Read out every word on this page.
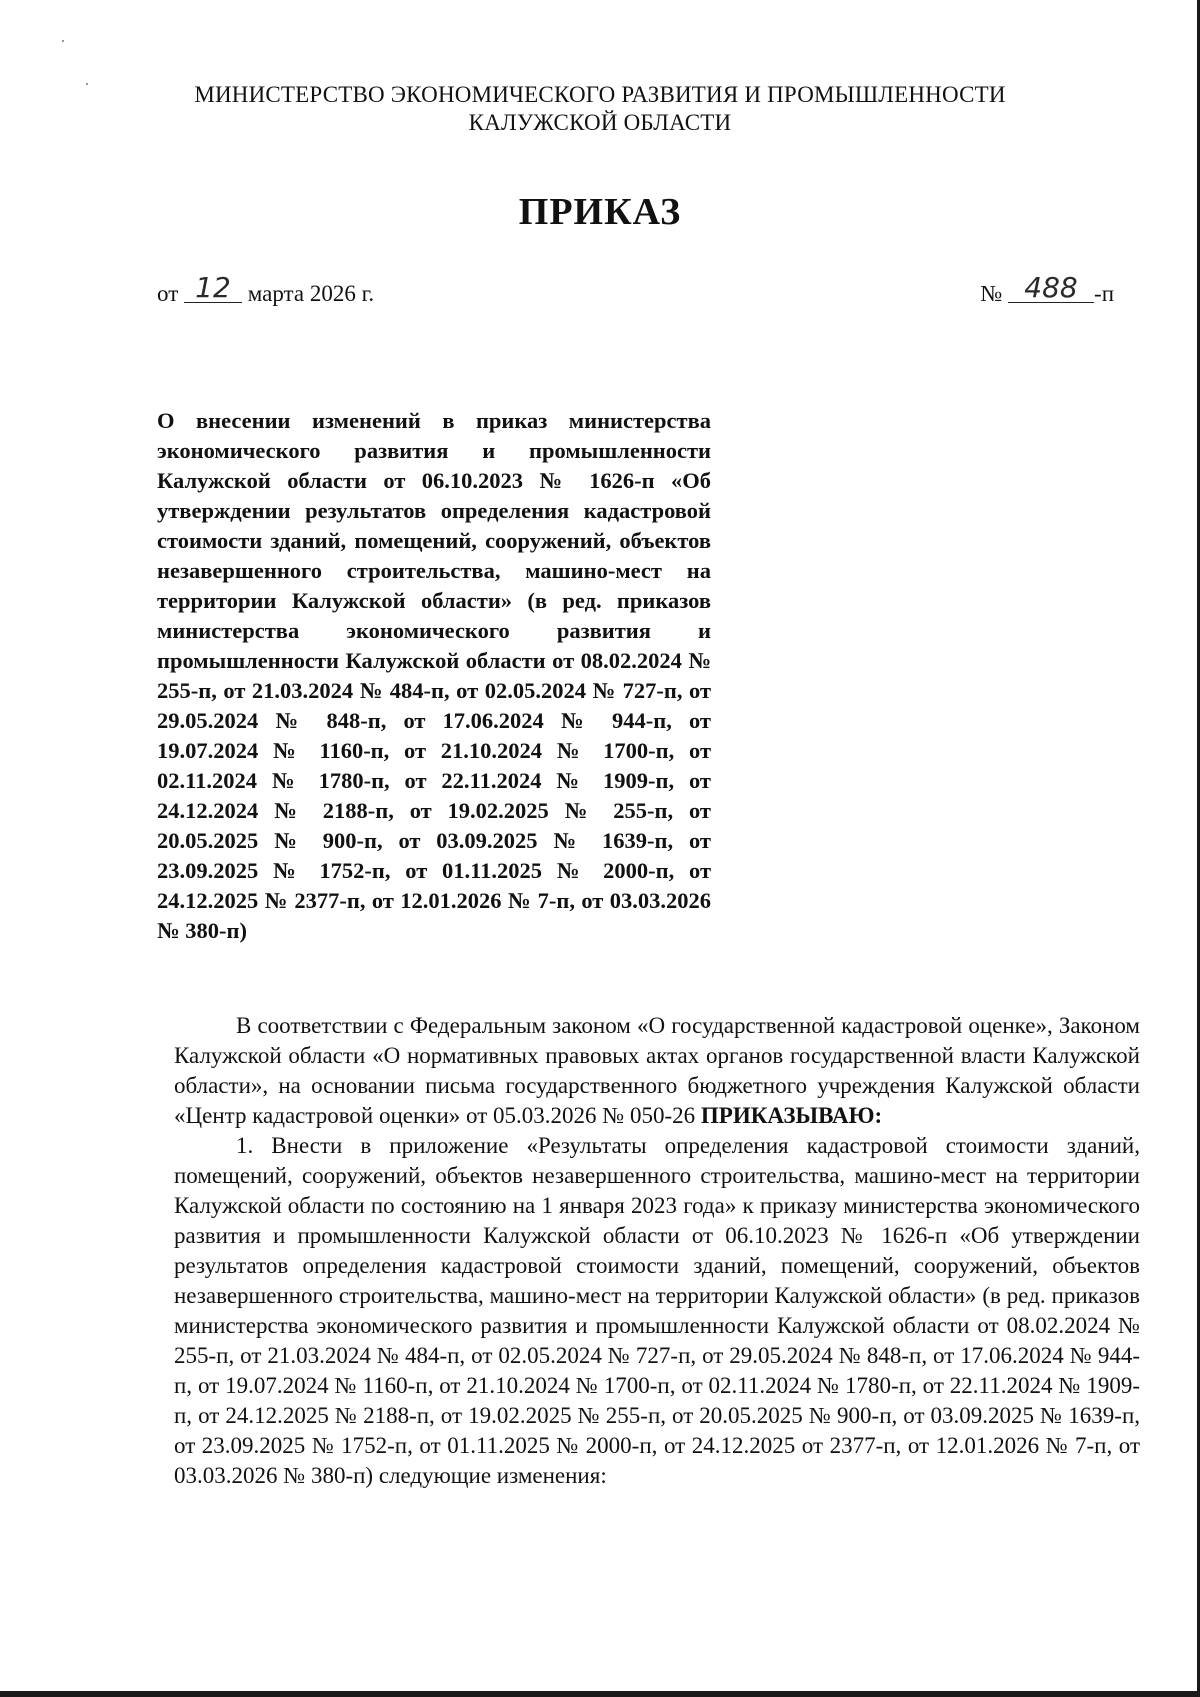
МИНИСТЕРСТВО ЭКОНОМИЧЕСКОГО РАЗВИТИЯ И ПРОМЫШЛЕННОСТИ
КАЛУЖСКОЙ ОБЛАСТИ
ПРИКАЗ
от 12 марта 2026 г.	№ 488 -п
О внесении изменений в приказ министерства экономического развития и промышленности Калужской области от 06.10.2023 № 1626-п «Об утверждении результатов определения кадастровой стоимости зданий, помещений, сооружений, объектов незавершенного строительства, машино-мест на территории Калужской области» (в ред. приказов министерства экономического развития и промышленности Калужской области от 08.02.2024 № 255-п, от 21.03.2024 № 484-п, от 02.05.2024 № 727-п, от 29.05.2024 № 848-п, от 17.06.2024 № 944-п, от 19.07.2024 № 1160-п, от 21.10.2024 № 1700-п, от 02.11.2024 № 1780-п, от 22.11.2024 № 1909-п, от 24.12.2024 № 2188-п, от 19.02.2025 № 255-п, от 20.05.2025 № 900-п, от 03.09.2025 № 1639-п, от 23.09.2025 № 1752-п, от 01.11.2025 № 2000-п, от 24.12.2025 № 2377-п, от 12.01.2026 № 7-п, от 03.03.2026 № 380-п)

В соответствии с Федеральным законом «О государственной кадастровой оценке», Законом Калужской области «О нормативных правовых актах органов государственной власти Калужской области», на основании письма государственного бюджетного учреждения Калужской области «Центр кадастровой оценки» от 05.03.2026 № 050-26 ПРИКАЗЫВАЮ:

1. Внести в приложение «Результаты определения кадастровой стоимости зданий, помещений, сооружений, объектов незавершенного строительства, машино-мест на территории Калужской области по состоянию на 1 января 2023 года» к приказу министерства экономического развития и промышленности Калужской области от 06.10.2023 № 1626-п «Об утверждении результатов определения кадастровой стоимости зданий, помещений, сооружений, объектов незавершенного строительства, машино-мест на территории Калужской области» (в ред. приказов министерства экономического развития и промышленности Калужской области от 08.02.2024 № 255-п, от 21.03.2024 № 484-п, от 02.05.2024 № 727-п, от 29.05.2024 № 848-п, от 17.06.2024 № 944-п, от 19.07.2024 № 1160-п, от 21.10.2024 № 1700-п, от 02.11.2024 № 1780-п, от 22.11.2024 № 1909-п, от 24.12.2025 № 2188-п, от 19.02.2025 № 255-п, от 20.05.2025 № 900-п, от 03.09.2025 № 1639-п, от 23.09.2025 № 1752-п, от 01.11.2025 № 2000-п, от 24.12.2025 от 2377-п, от 12.01.2026 № 7-п, от 03.03.2026 № 380-п) следующие изменения:
